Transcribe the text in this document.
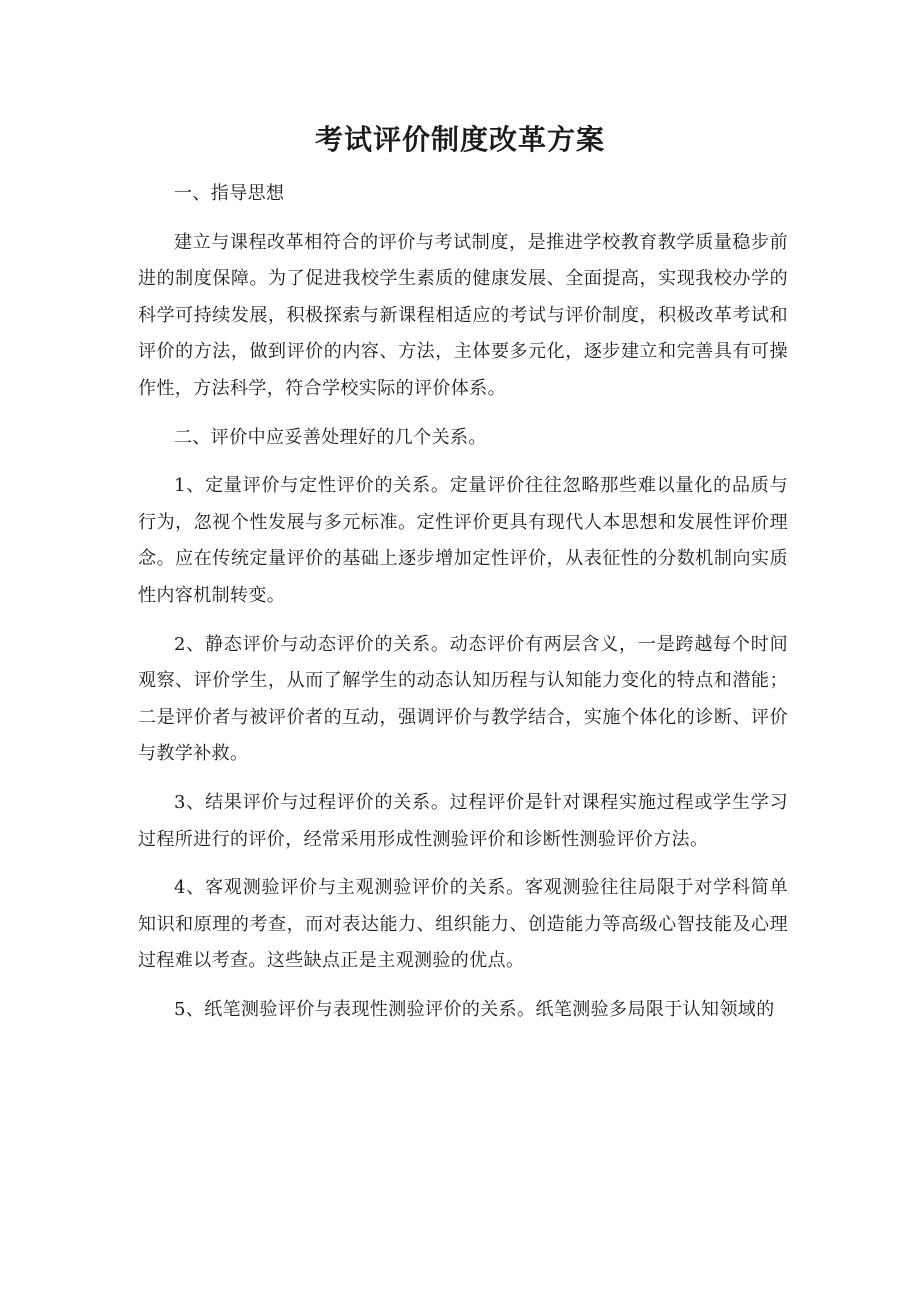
考试评价制度改革方案

一、指导思想

建立与课程改革相符合的评价与考试制度，是推进学校教育教学质量稳步前进的制度保障。为了促进我校学生素质的健康发展、全面提高，实现我校办学的科学可持续发展，积极探索与新课程相适应的考试与评价制度，积极改革考试和评价的方法，做到评价的内容、方法，主体要多元化，逐步建立和完善具有可操作性，方法科学，符合学校实际的评价体系。

二、评价中应妥善处理好的几个关系。

1、定量评价与定性评价的关系。定量评价往往忽略那些难以量化的品质与行为，忽视个性发展与多元标准。定性评价更具有现代人本思想和发展性评价理念。应在传统定量评价的基础上逐步增加定性评价，从表征性的分数机制向实质性内容机制转变。

2、静态评价与动态评价的关系。动态评价有两层含义，一是跨越每个时间观察、评价学生，从而了解学生的动态认知历程与认知能力变化的特点和潜能；二是评价者与被评价者的互动，强调评价与教学结合，实施个体化的诊断、评价与教学补救。

3、结果评价与过程评价的关系。过程评价是针对课程实施过程或学生学习过程所进行的评价，经常采用形成性测验评价和诊断性测验评价方法。

4、客观测验评价与主观测验评价的关系。客观测验往往局限于对学科简单知识和原理的考查，而对表达能力、组织能力、创造能力等高级心智技能及心理过程难以考查。这些缺点正是主观测验的优点。

5、纸笔测验评价与表现性测验评价的关系。纸笔测验多局限于认知领域的
